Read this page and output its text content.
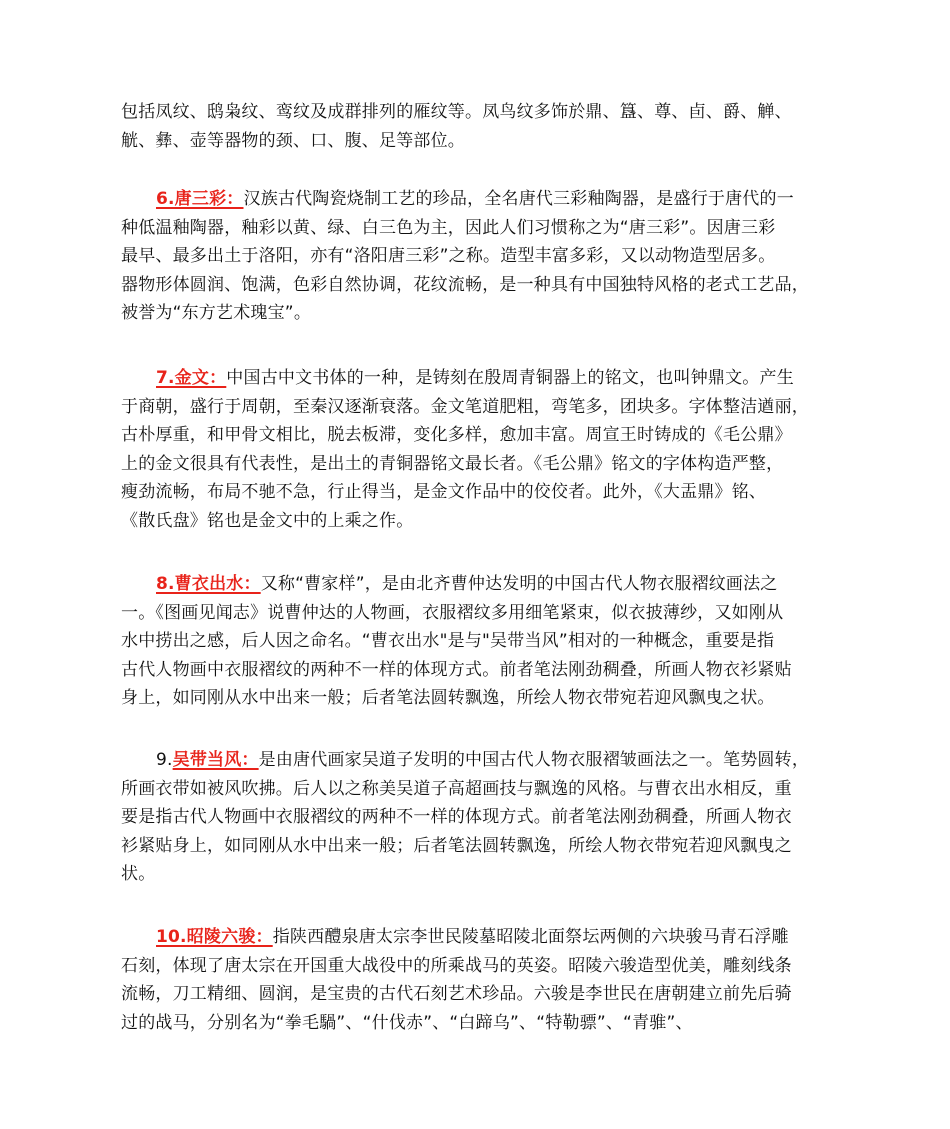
包括凤纹、鸱枭纹、鸾纹及成群排列的雁纹等。凤鸟纹多饰於鼎、簋、尊、卣、爵、觯、
觥、彝、壶等器物的颈、口、腹、足等部位。
6.唐三彩：汉族古代陶瓷烧制工艺的珍品，全名唐代三彩釉陶器，是盛行于唐代的一
种低温釉陶器，釉彩以黄、绿、白三色为主，因此人们习惯称之为“唐三彩”。因唐三彩
最早、最多出土于洛阳，亦有“洛阳唐三彩”之称。造型丰富多彩，又以动物造型居多。
器物形体圆润、饱满，色彩自然协调，花纹流畅，是一种具有中国独特风格的老式工艺品，
被誉为“东方艺术瑰宝”。
7.金文：中国古中文书体的一种，是铸刻在殷周青铜器上的铭文，也叫钟鼎文。产生
于商朝，盛行于周朝，至秦汉逐渐衰落。金文笔道肥粗，弯笔多，团块多。字体整洁遒丽，
古朴厚重，和甲骨文相比，脱去板滞，变化多样，愈加丰富。周宣王时铸成的《毛公鼎》
上的金文很具有代表性，是出土的青铜器铭文最长者。《毛公鼎》铭文的字体构造严整，
瘦劲流畅，布局不驰不急，行止得当，是金文作品中的佼佼者。此外，《大盂鼎》铭、
《散氏盘》铭也是金文中的上乘之作。
8.曹衣出水：又称“曹家样”，是由北齐曹仲达发明的中国古代人物衣服褶纹画法之
一。《图画见闻志》说曹仲达的人物画，衣服褶纹多用细笔紧束，似衣披薄纱，又如刚从
水中捞出之感，后人因之命名。“曹衣出水"是与"吴带当风”相对的一种概念，重要是指
古代人物画中衣服褶纹的两种不一样的体现方式。前者笔法刚劲稠叠，所画人物衣衫紧贴
身上，如同刚从水中出来一般；后者笔法圆转飘逸，所绘人物衣带宛若迎风飘曳之状。
9.吴带当风：是由唐代画家吴道子发明的中国古代人物衣服褶皱画法之一。笔势圆转，
所画衣带如被风吹拂。后人以之称美吴道子高超画技与飘逸的风格。与曹衣出水相反，重
要是指古代人物画中衣服褶纹的两种不一样的体现方式。前者笔法刚劲稠叠，所画人物衣
衫紧贴身上，如同刚从水中出来一般；后者笔法圆转飘逸，所绘人物衣带宛若迎风飘曳之
状。
10.昭陵六骏：指陕西醴泉唐太宗李世民陵墓昭陵北面祭坛两侧的六块骏马青石浮雕
石刻，体现了唐太宗在开国重大战役中的所乘战马的英姿。昭陵六骏造型优美，雕刻线条
流畅，刀工精细、圆润，是宝贵的古代石刻艺术珍品。六骏是李世民在唐朝建立前先后骑
过的战马，分别名为“拳毛騧”、“什伐赤”、“白蹄乌”、“特勒骠”、“青骓”、
